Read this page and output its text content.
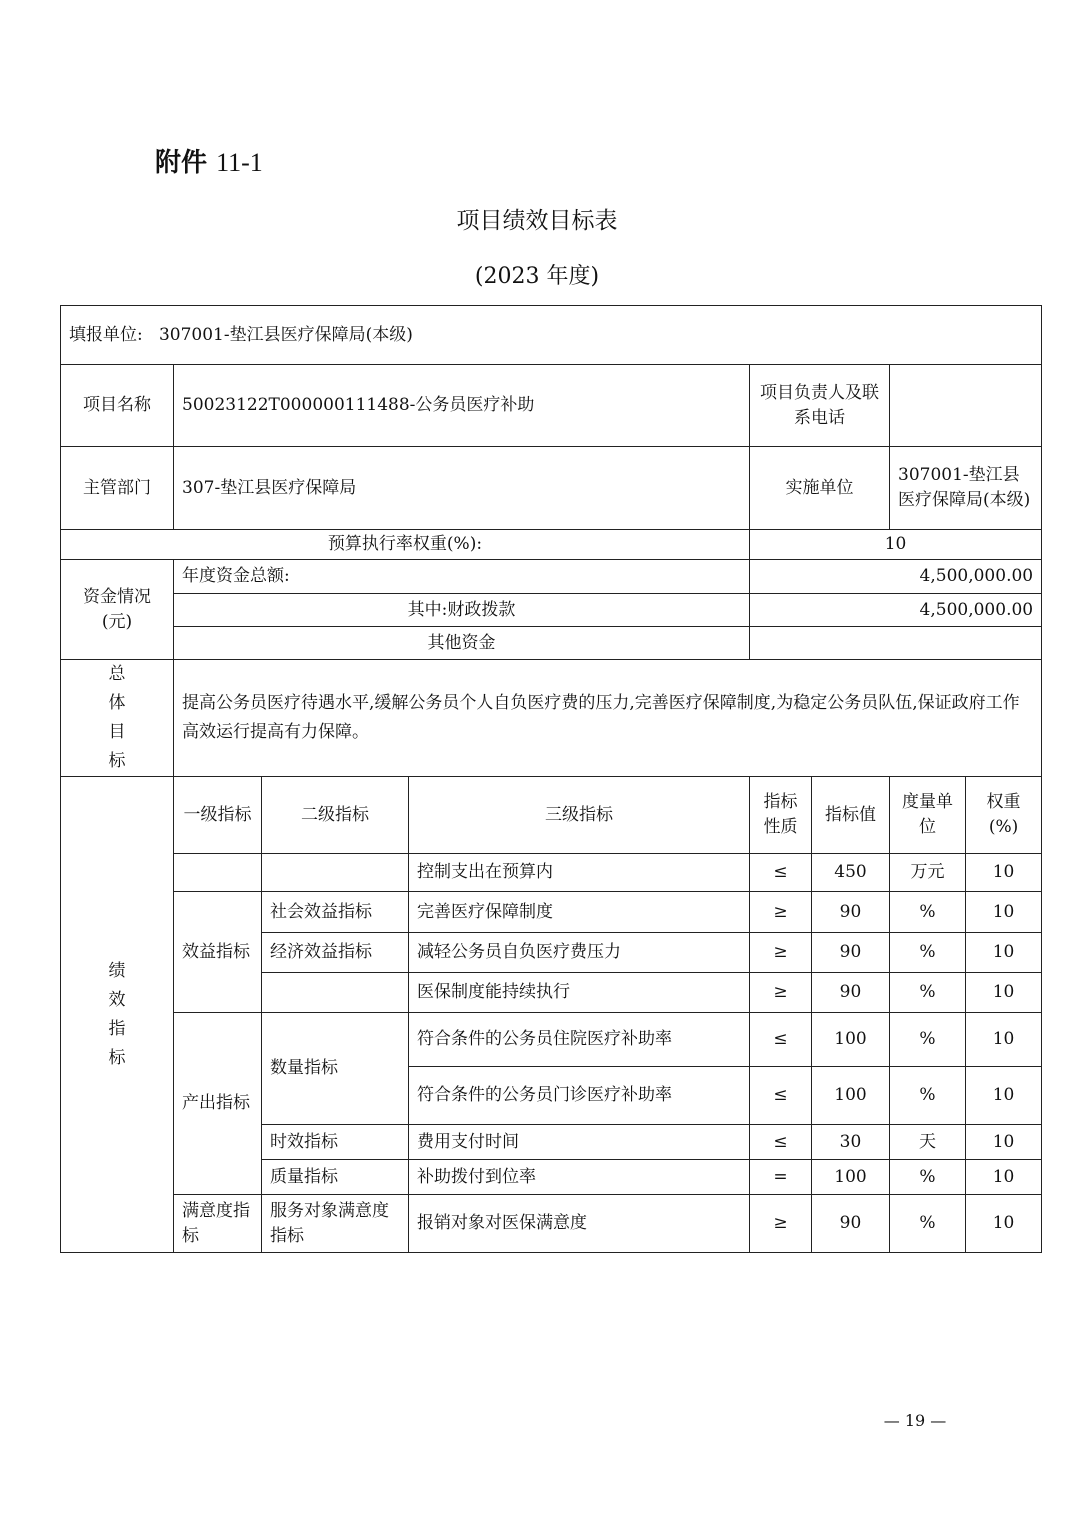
附件 11-1
项目绩效目标表
(2023 年度)
填报单位: 307001-垫江县医疗保障局(本级)							
项目名称	50023122T000000111488-公务员医疗补助			项目负责人及联系电话			
主管部门	307-垫江县医疗保障局			实施单位		307001-垫江县医疗保障局(本级)	
预算执行率权重(%):				10			
资金情况
(元)	年度资金总额:			4,500,000.00			
	其中:财政拨款			4,500,000.00			
	其他资金						

总
体
目
标	提高公务员医疗待遇水平,缓解公务员个人自负医疗费的压力,完善医疗保障制度,为稳定公务员队伍,保证政府工作高效运行提高有力保障。						

绩
效
指
标	一级指标	二级指标	三级指标	指标性质	指标值	度量单位	权重(%)
			控制支出在预算内	≤	450	万元	10
	效益指标	社会效益指标	完善医疗保障制度	≥	90	%	10
		经济效益指标	减轻公务员自负医疗费压力	≥	90	%	10
			医保制度能持续执行	≥	90	%	10
	产出指标	数量指标	符合条件的公务员住院医疗补助率	≤	100	%	10
			符合条件的公务员门诊医疗补助率	≤	100	%	10
		时效指标	费用支付时间	≤	30	天	10
		质量指标	补助拨付到位率	=	100	%	10
	满意度指标	服务对象满意度指标	报销对象对医保满意度	≥	90	%	10
— 19 —
